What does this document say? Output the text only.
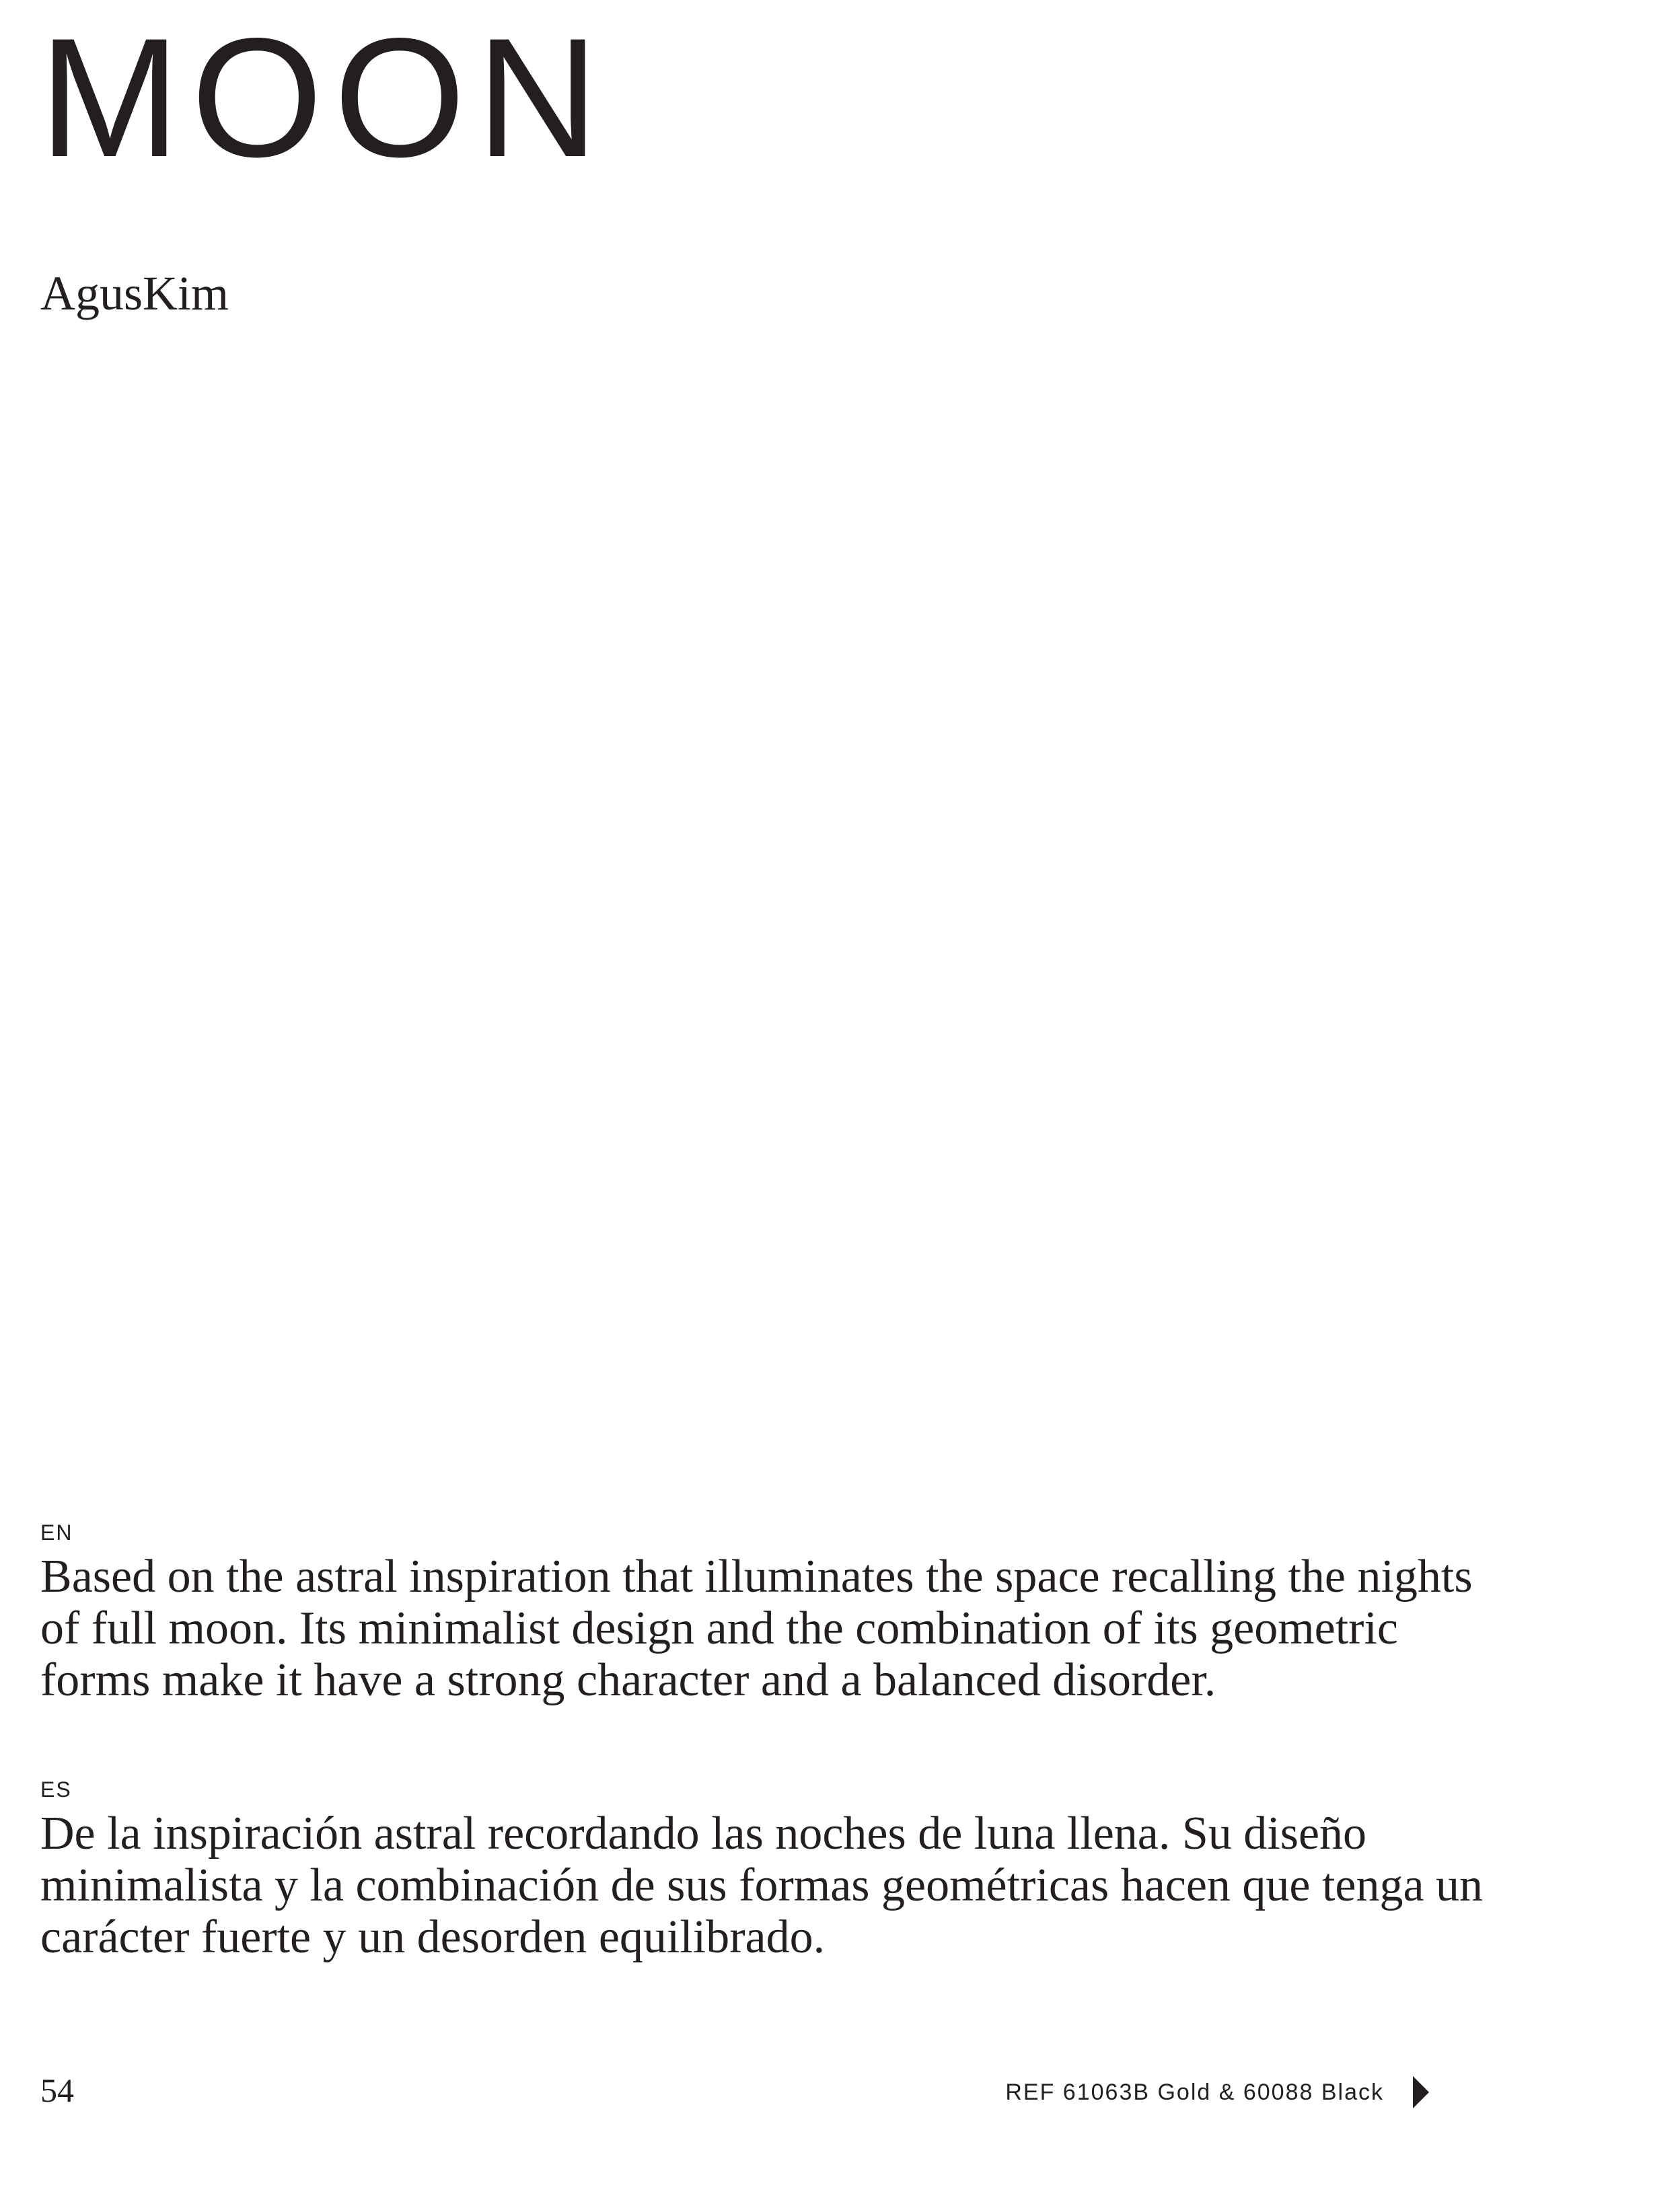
MOON
AgusKim
EN

Based on the astral inspiration that illuminates the space recalling the nights of full moon. Its minimalist design and the combination of its geometric forms make it have a strong character and a balanced disorder.

ES

De la inspiración astral recordando las noches de luna llena. Su diseño minimalista y la combinación de sus formas geométricas hacen que tenga un carácter fuerte y un desorden equilibrado.

54	REF 61063B Gold & 60088 Black
